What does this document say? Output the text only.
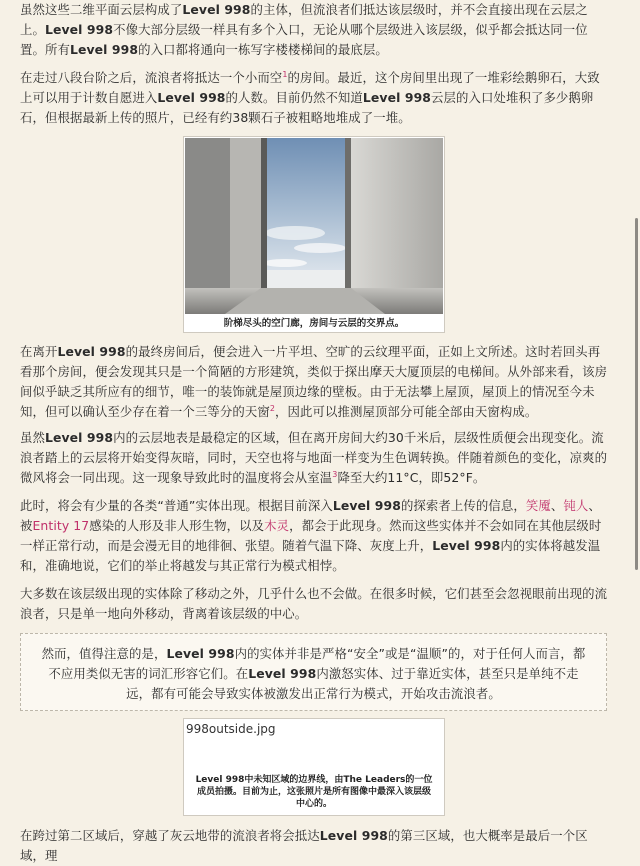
虽然这些二维平面云层构成了Level 998的主体，但流浪者们抵达该层级时，并不会直接出现在云层之上。Level 998不像大部分层级一样具有多个入口，无论从哪个层级进入该层级，似乎都会抵达同一位置。所有Level 998的入口都将通向一栋写字楼楼梯间的最底层。

在走过八段台阶之后，流浪者将抵达一个小而空$^1$的房间。最近，这个房间里出现了一堆彩绘鹅卵石，大致上可以用于计数自愿进入Level 998的人数。目前仍然不知道Level 998云层的入口处堆积了多少鹅卵石，但根据最新上传的照片，已经有约38颗石子被粗略地堆成了一堆。

阶梯尽头的空门廊，房间与云层的交界点。

在离开Level 998的最终房间后，便会进入一片平坦、空旷的云纹理平面，正如上文所述。这时若回头再看那个房间，便会发现其只是一个简陋的方形建筑，类似于探出摩天大厦顶层的电梯间。从外部来看，该房间似乎缺乏其所应有的细节，唯一的装饰就是屋顶边缘的壁板。由于无法攀上屋顶，屋顶上的情况至今未知，但可以确认至少存在着一个三等分的天窗$^2$，因此可以推测屋顶部分可能全部由天窗构成。

虽然Level 998内的云层地表是最稳定的区域，但在离开房间大约30千米后，层级性质便会出现变化。流浪者踏上的云层将开始变得灰暗，同时，天空也将与地面一样变为生色调转换。伴随着颜色的变化，凉爽的微风将会一同出现。这一现象导致此时的温度将会从室温$^3$降至大约11°C，即52°F。

此时，将会有少量的各类“普通”实体出现。根据目前深入Level 998的探索者上传的信息，笑魇、钝人、被Entity 17感染的人形及非人形生物，以及木灵，都会于此现身。然而这些实体并不会如同在其他层级时一样正常行动，而是会漫无目的地徘徊、张望。随着气温下降、灰度上升，Level 998内的实体将越发温和，准确地说，它们的举止将越发与其正常行为模式相悖。

大多数在该层级出现的实体除了移动之外，几乎什么也不会做。在很多时候，它们甚至会忽视眼前出现的流浪者，只是单一地向外移动，背离着该层级的中心。

然而，值得注意的是，Level 998内的实体并非是严格“安全”或是“温顺”的，对于任何人而言，都不应用类似无害的词汇形容它们。在Level 998内激怒实体、过于靠近实体，甚至只是单纯不走远，都有可能会导致实体被激发出正常行为模式，开始攻击流浪者。

998outside.jpg
Level 998中未知区域的边界线，由The Leaders的一位成员拍摄。目前为止，这张照片是所有图像中最深入该层级中心的。

在跨过第二区域后，穿越了灰云地带的流浪者将会抵达Level 998的第三区域，也大概率是最后一个区域，理
